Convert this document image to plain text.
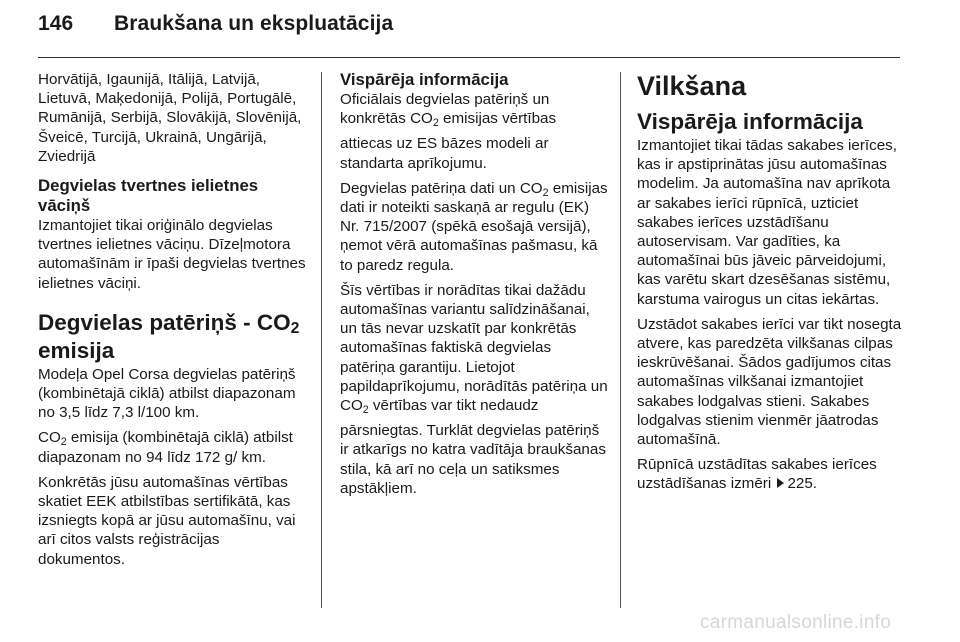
146 Braukšana un ekspluatācija

Horvātijā, Igaunijā, Itālijā, Latvijā, Lietuvā, Maķedonijā, Polijā, Portugālē, Rumānijā, Serbijā, Slovākijā, Slovēnijā, Šveicē, Turcijā, Ukrainā, Ungārijā, Zviedrijā

Degvielas tvertnes ielietnes vāciņš

Izmantojiet tikai oriģinālo degvielas tvertnes ielietnes vāciņu. Dīzeļmotora automašīnām ir īpaši degvielas tvertnes ielietnes vāciņi.

Degvielas patēriņš - $CO_2$
emisija

Modeļa Opel Corsa degvielas patēriņš (kombinētajā ciklā) atbilst diapazonam no 3,5 līdz 7,3 l/100 km.

$CO_2$ emisija (kombinētajā ciklā) atbilst diapazonam no 94 līdz 172 g/ km.

Konkrētās jūsu automašīnas vērtības skatiet EEK atbilstības sertifikātā, kas izsniegts kopā ar jūsu automašīnu, vai arī citos valsts reģistrācijas dokumentos.

Vispārēja informācija

Oficiālais degvielas patēriņš un konkrētās $CO_2$ emisijas vērtības

attiecas uz ES bāzes modeli ar standarta aprīkojumu.

Degvielas patēriņa dati un $CO_2$ emisijas dati ir noteikti saskaņā ar regulu (EK) Nr. 715/2007 (spēkā esošajā versijā), ņemot vērā automašīnas pašmasu, kā to paredz regula.

Šīs vērtības ir norādītas tikai dažādu automašīnas variantu salīdzināšanai, un tās nevar uzskatīt par konkrētās automašīnas faktiskā degvielas patēriņa garantiju. Lietojot papildaprīkojumu, norādītās patēriņa un $CO_2$ vērtības var tikt nedaudz

pārsniegtas. Turklāt degvielas patēriņš ir atkarīgs no katra vadītāja braukšanas stila, kā arī no ceļa un satiksmes apstākļiem.

Vilkšana
Vispārēja informācija

Izmantojiet tikai tādas sakabes ierīces, kas ir apstiprinātas jūsu automašīnas modelim. Ja automašīna nav aprīkota ar sakabes ierīci rūpnīcā, uzticiet sakabes ierīces uzstādīšanu autoservisam. Var gadīties, ka automašīnai būs jāveic pārveidojumi, kas varētu skart dzesēšanas sistēmu, karstuma vairogus un citas iekārtas.

Uzstādot sakabes ierīci var tikt nosegta atvere, kas paredzēta vilkšanas cilpas ieskrūvēšanai. Šādos gadījumos citas automašīnas vilkšanai izmantojiet sakabes lodgalvas stieni. Sakabes lodgalvas stienim vienmēr jāatrodas automašīnā.

Rūpnīcā uzstādītas sakabes ierīces uzstādīšanas izmēri 225.

carmanualsonline.info
